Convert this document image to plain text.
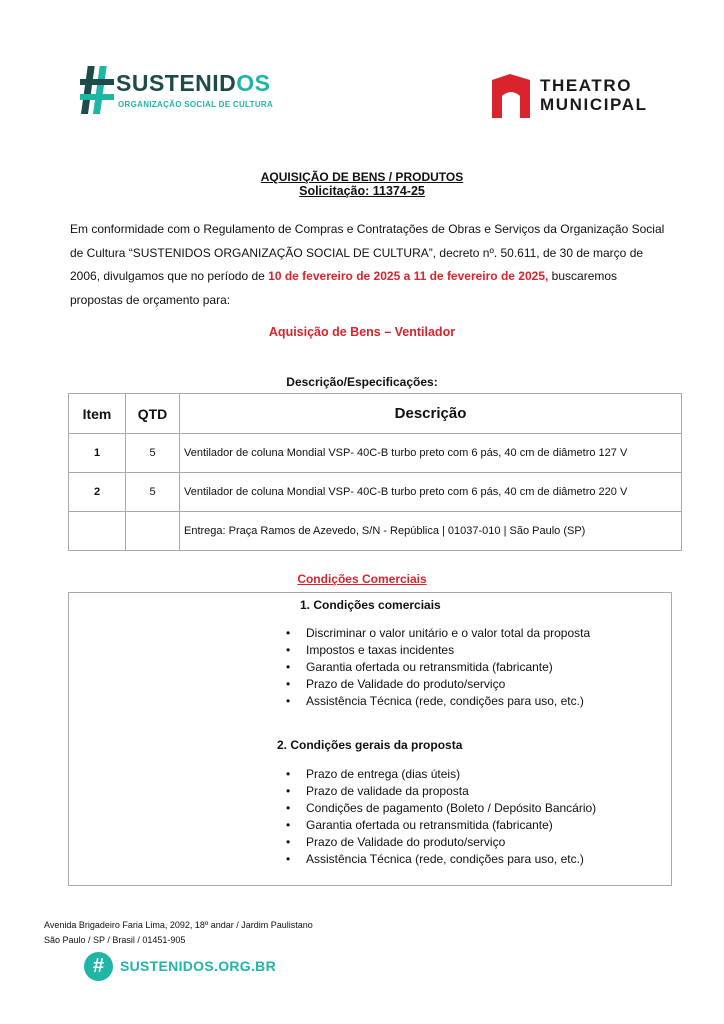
SUSTENIDOS
ORGANIZAÇÃO SOCIAL DE CULTURA
THEATRO
MUNICIPAL
AQUISIÇÃO DE BENS / PRODUTOS
Solicitação: 11374-25
Em conformidade com o Regulamento de Compras e Contratações de Obras e Serviços da Organização Social de Cultura “SUSTENIDOS ORGANIZAÇÃO SOCIAL DE CULTURA”, decreto nº. 50.611, de 30 de março de 2006, divulgamos que no período de 10 de fevereiro de 2025 a 11 de fevereiro de 2025, buscaremos propostas de orçamento para:
Aquisição de Bens – Ventilador
Descrição/Especificações:
Item	QTD	Descrição
1	5	Ventilador de coluna Mondial VSP- 40C-B turbo preto com 6 pás, 40 cm de diâmetro 127 V
2	5	Ventilador de coluna Mondial VSP- 40C-B turbo preto com 6 pás, 40 cm de diâmetro 220 V
		Entrega: Praça Ramos de Azevedo, S/N - República | 01037-010 | São Paulo (SP)
Condições Comerciais
1. Condições comerciais
• Discriminar o valor unitário e o valor total da proposta
• Impostos e taxas incidentes
• Garantia ofertada ou retransmitida (fabricante)
• Prazo de Validade do produto/serviço
• Assistência Técnica (rede, condições para uso, etc.)
2. Condições gerais da proposta
• Prazo de entrega (dias úteis)
• Prazo de validade da proposta
• Condições de pagamento (Boleto / Depósito Bancário)
• Garantia ofertada ou retransmitida (fabricante)
• Prazo de Validade do produto/serviço
• Assistência Técnica (rede, condições para uso, etc.)
Avenida Brigadeiro Faria Lima, 2092, 18º andar / Jardim Paulistano
São Paulo / SP / Brasil / 01451-905
#	SUSTENIDOS.ORG.BR
